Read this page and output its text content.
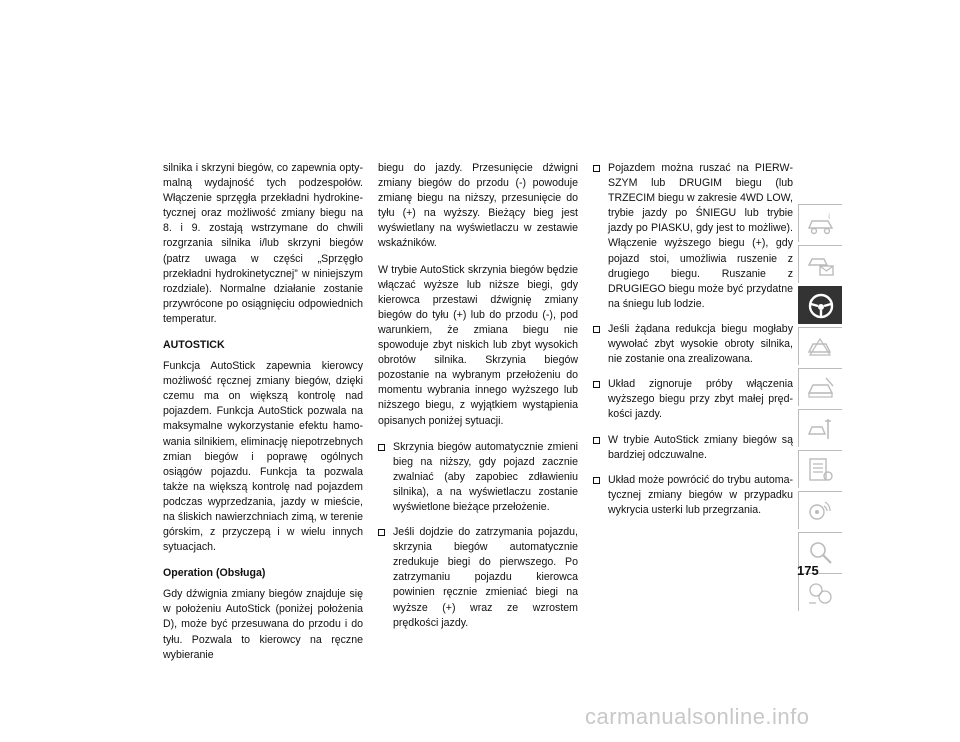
silnika i skrzyni biegów, co zapewnia optymalną wydajność tych podzespołów. Włączenie sprzęgła przekładni hydrokinetycznej oraz możliwość zmiany biegu na 8. i 9. zostają wstrzymane do chwili rozgrzania silnika i/lub skrzyni biegów (patrz uwaga w części „Sprzęgło przekładni hydrokinetycznej” w niniejszym rozdziale). Normalne działanie zostanie przywrócone po osiągnięciu odpowiednich temperatur.

AUTOSTICK

Funkcja AutoStick zapewnia kierowcy możliwość ręcznej zmiany biegów, dzięki czemu ma on większą kontrolę nad pojazdem. Funkcja AutoStick pozwala na maksymalne wykorzystanie efektu hamowania silnikiem, eliminację niepotrzebnych zmian biegów i poprawę ogólnych osiągów pojazdu. Funkcja ta pozwala także na większą kontrolę nad pojazdem podczas wyprzedzania, jazdy w mieście, na śliskich nawierzchniach zimą, w terenie górskim, z przyczepą i w wielu innych sytuacjach.

Operation (Obsługa)

Gdy dźwignia zmiany biegów znajduje się w położeniu AutoStick (poniżej położenia D), może być przesuwana do przodu i do tyłu. Pozwala to kierowcy na ręczne wybieranie

biegu do jazdy. Przesunięcie dźwigni zmiany biegów do przodu (-) powoduje zmianę biegu na niższy, przesunięcie do tyłu (+) na wyższy. Bieżący bieg jest wyświetlany na wyświetlaczu w zestawie wskaźników.

W trybie AutoStick skrzynia biegów będzie włączać wyższe lub niższe biegi, gdy kierowca przestawi dźwignię zmiany biegów do tyłu (+) lub do przodu (-), pod warunkiem, że zmiana biegu nie spowoduje zbyt niskich lub zbyt wysokich obrotów silnika. Skrzynia biegów pozostanie na wybranym przełożeniu do momentu wybrania innego wyższego lub niższego biegu, z wyjątkiem wystąpienia opisanych poniżej sytuacji.

Skrzynia biegów automatycznie zmieni bieg na niższy, gdy pojazd zacznie zwalniać (aby zapobiec zdławieniu silnika), a na wyświetlaczu zostanie wyświetlone bieżące przełożenie.
Jeśli dojdzie do zatrzymania pojazdu, skrzynia biegów automatycznie zredukuje biegi do pierwszego. Po zatrzymaniu pojazdu kierowca powinien ręcznie zmieniać biegi na wyższe (+) wraz ze wzrostem prędkości jazdy.
Pojazdem można ruszać na PIERWSZYM lub DRUGIM biegu (lub TRZECIM biegu w zakresie 4WD LOW, trybie jazdy po ŚNIEGU lub trybie jazdy po PIASKU, gdy jest to możliwe). Włączenie wyższego biegu (+), gdy pojazd stoi, umożliwia ruszenie z drugiego biegu. Ruszanie z DRUGIEGO biegu może być przydatne na śniegu lub lodzie.
Jeśli żądana redukcja biegu mogłaby wywołać zbyt wysokie obroty silnika, nie zostanie ona zrealizowana.
Układ zignoruje próby włączenia wyższego biegu przy zbyt małej prędkości jazdy.
W trybie AutoStick zmiany biegów są bardziej odczuwalne.
Układ może powrócić do trybu automatycznej zmiany biegów w przypadku wykrycia usterki lub przegrzania.
i
175
carmanualsonline.info
